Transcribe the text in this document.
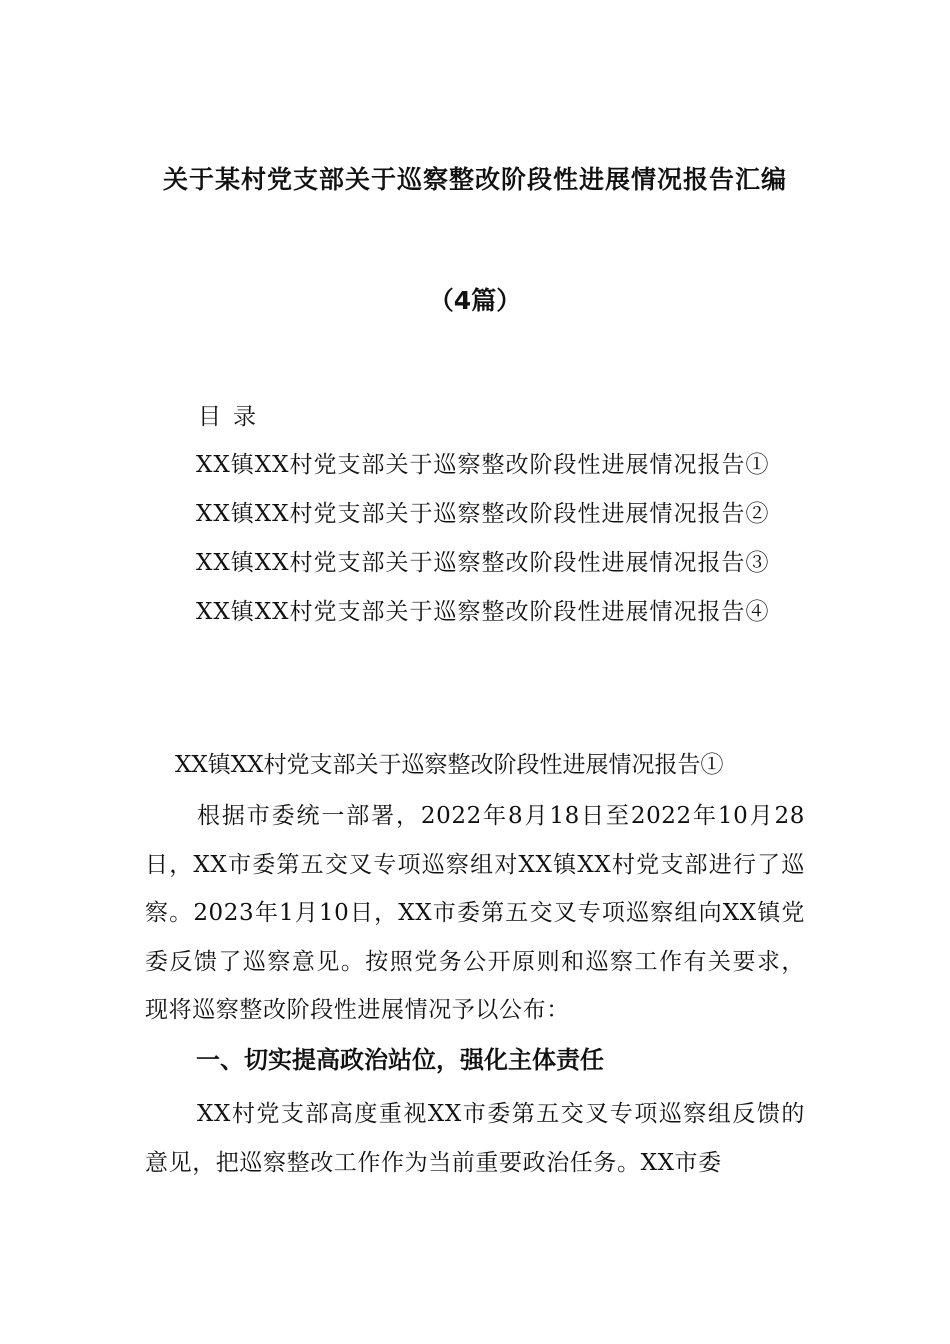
关于某村党支部关于巡察整改阶段性进展情况报告汇编
（4篇）
目录
XX镇XX村党支部关于巡察整改阶段性进展情况报告①
XX镇XX村党支部关于巡察整改阶段性进展情况报告②
XX镇XX村党支部关于巡察整改阶段性进展情况报告③
XX镇XX村党支部关于巡察整改阶段性进展情况报告④
XX镇XX村党支部关于巡察整改阶段性进展情况报告①

根据市委统一部署，2022年8月18日至2022年10月28日，XX市委第五交叉专项巡察组对XX镇XX村党支部进行了巡察。2023年1月10日，XX市委第五交叉专项巡察组向XX镇党委反馈了巡察意见。按照党务公开原则和巡察工作有关要求，现将巡察整改阶段性进展情况予以公布：

一、切实提高政治站位，强化主体责任

XX村党支部高度重视XX市委第五交叉专项巡察组反馈的意见，把巡察整改工作作为当前重要政治任务。XX市委
